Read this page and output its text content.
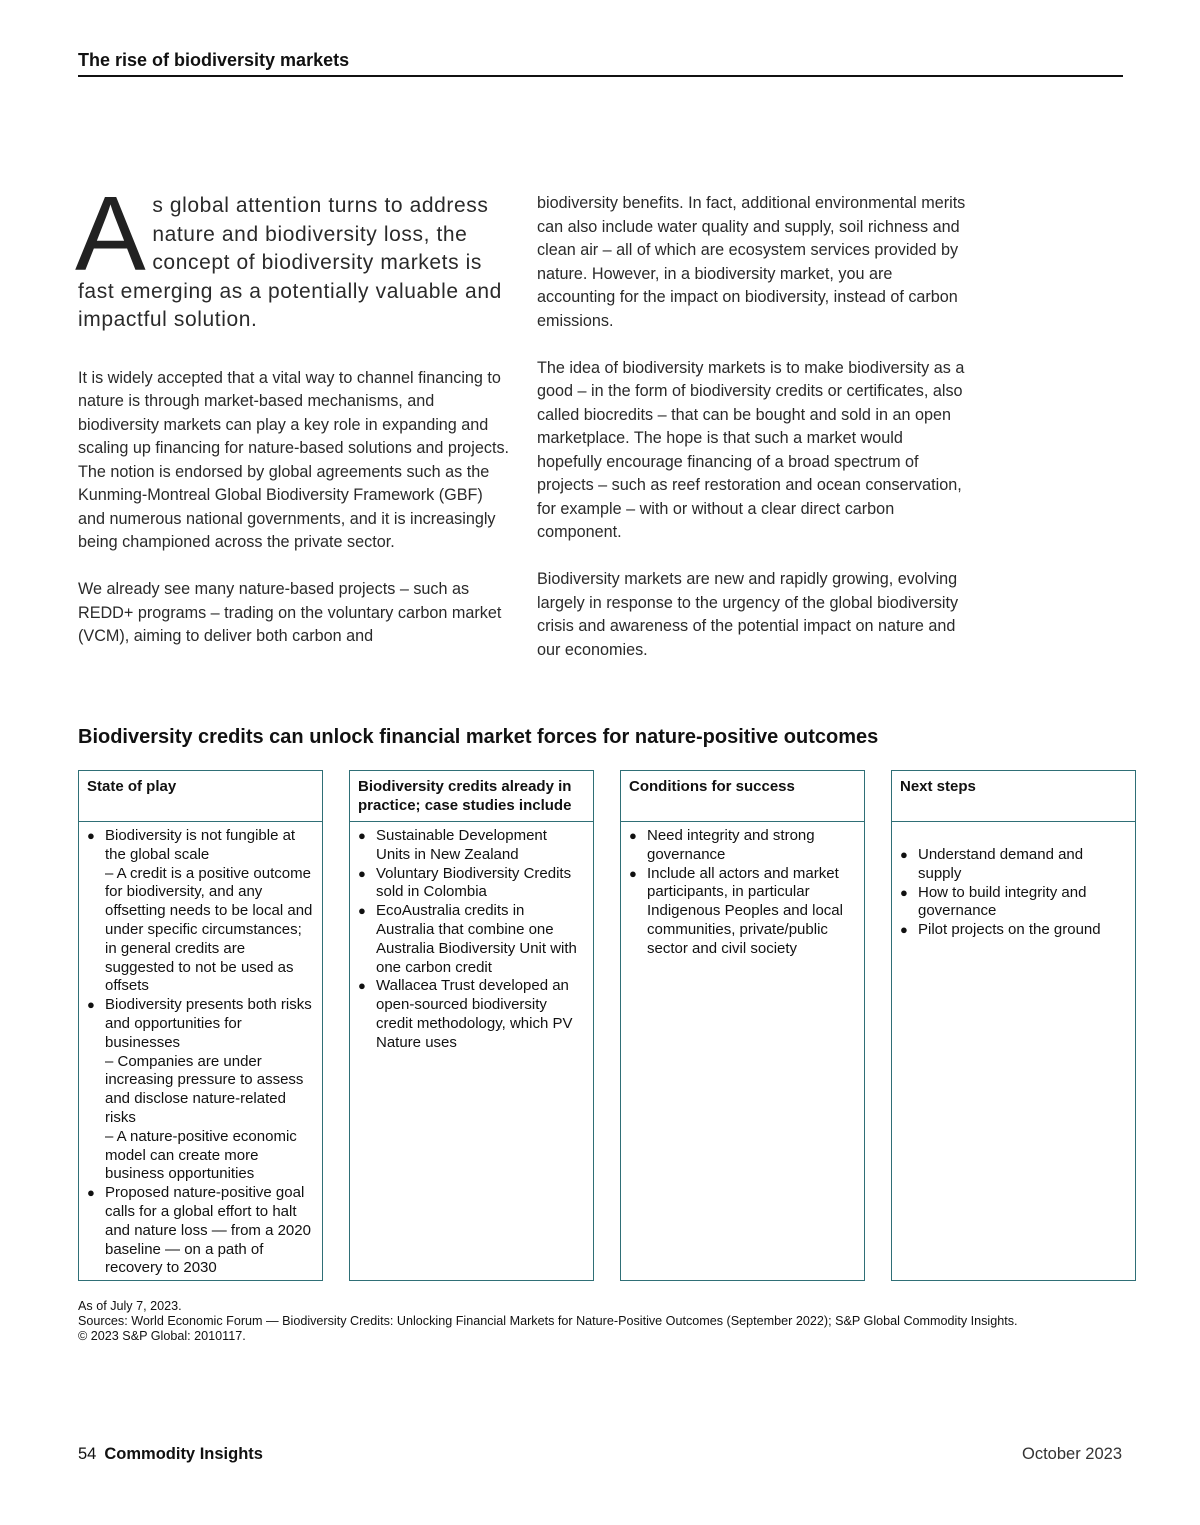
The rise of biodiversity markets
As global attention turns to address nature and biodiversity loss, the concept of biodiversity markets is fast emerging as a potentially valuable and impactful solution.

It is widely accepted that a vital way to channel financing to nature is through market-based mechanisms, and biodiversity markets can play a key role in expanding and scaling up financing for nature-based solutions and projects. The notion is endorsed by global agreements such as the Kunming-Montreal Global Biodiversity Framework (GBF) and numerous national governments, and it is increasingly being championed across the private sector.

We already see many nature-based projects – such as REDD+ programs – trading on the voluntary carbon market (VCM), aiming to deliver both carbon and

biodiversity benefits. In fact, additional environmental merits can also include water quality and supply, soil richness and clean air – all of which are ecosystem services provided by nature. However, in a biodiversity market, you are accounting for the impact on biodiversity, instead of carbon emissions.

The idea of biodiversity markets is to make biodiversity as a good – in the form of biodiversity credits or certificates, also called biocredits – that can be bought and sold in an open marketplace. The hope is that such a market would hopefully encourage financing of a broad spectrum of projects – such as reef restoration and ocean conservation, for example – with or without a clear direct carbon component.

Biodiversity markets are new and rapidly growing, evolving largely in response to the urgency of the global biodiversity crisis and awareness of the potential impact on nature and our economies.

Biodiversity credits can unlock financial market forces for nature-positive outcomes
State of play
● Biodiversity is not fungible at the global scale
– A credit is a positive outcome for biodiversity, and any offsetting needs to be local and under specific circumstances; in general credits are suggested to not be used as offsets
● Biodiversity presents both risks and opportunities for businesses
– Companies are under increasing pressure to assess and disclose nature-related risks
– A nature-positive economic model can create more business opportunities
● Proposed nature-positive goal calls for a global effort to halt and nature loss — from a 2020 baseline — on a path of recovery to 2030
Biodiversity credits already in practice; case studies include
● Sustainable Development Units in New Zealand
● Voluntary Biodiversity Credits sold in Colombia
● EcoAustralia credits in Australia that combine one Australia Biodiversity Unit with one carbon credit
● Wallacea Trust developed an open-sourced biodiversity credit methodology, which PV Nature uses
Conditions for success
● Need integrity and strong governance
● Include all actors and market participants, in particular Indigenous Peoples and local communities, private/public sector and civil society
Next steps
● Understand demand and supply
● How to build integrity and governance
● Pilot projects on the ground
As of July 7, 2023.
Sources: World Economic Forum — Biodiversity Credits: Unlocking Financial Markets for Nature-Positive Outcomes (September 2022); S&P Global Commodity Insights.
© 2023 S&P Global: 2010117.
54 Commodity Insights	October 2023
